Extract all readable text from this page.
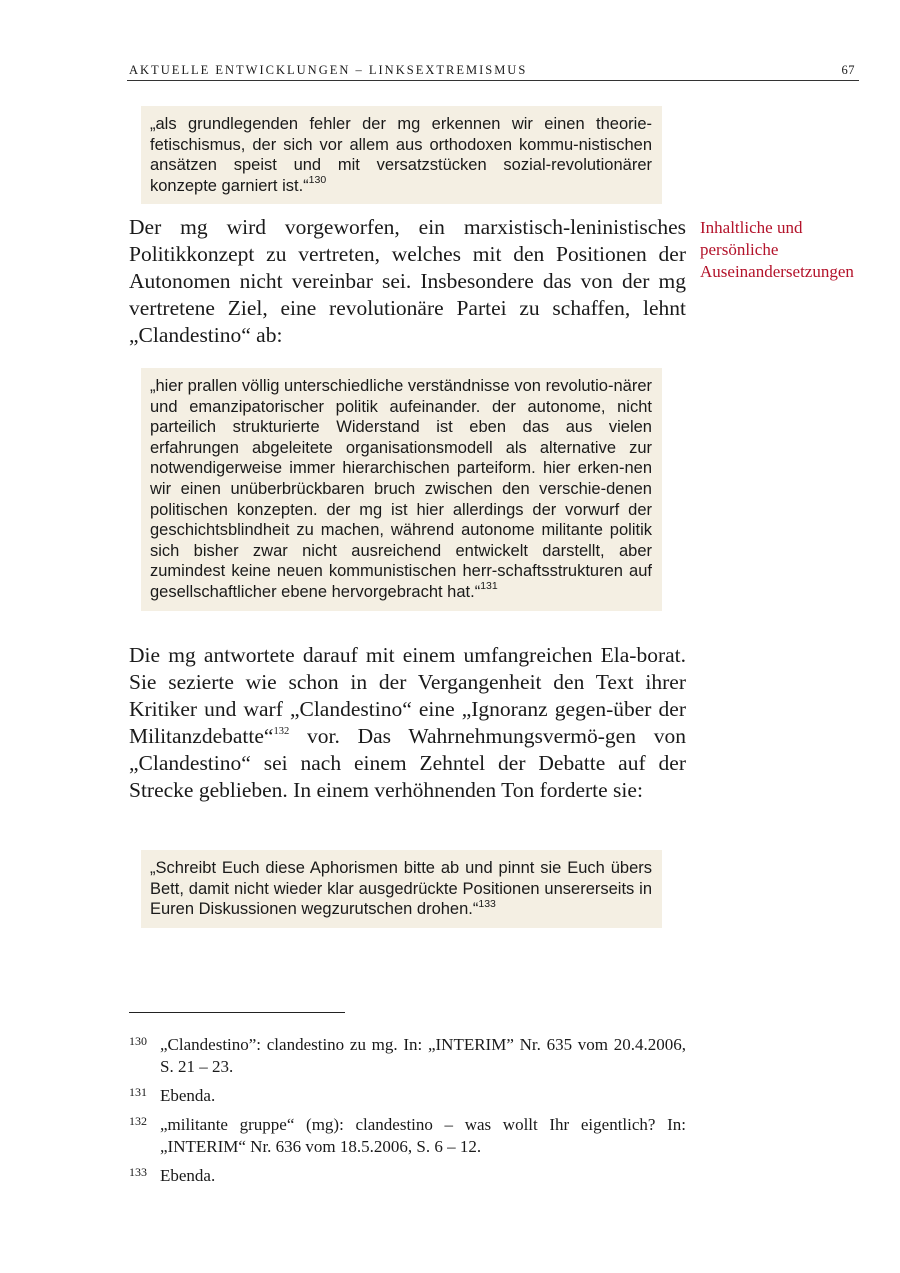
AKTUELLE ENTWICKLUNGEN – LINKSEXTREMISMUS	67
„als grundlegenden fehler der mg erkennen wir einen theorie-fetischismus, der sich vor allem aus orthodoxen kommu-nistischen ansätzen speist und mit versatzstücken sozial-revolutionärer konzepte garniert ist.“$^{130}$
Der mg wird vorgeworfen, ein marxistisch-leninistisches Politikkonzept zu vertreten, welches mit den Positionen der Autonomen nicht vereinbar sei. Insbesondere das von der mg vertretene Ziel, eine revolutionäre Partei zu schaffen, lehnt „Clandestino“ ab:
Inhaltliche und persönliche Auseinandersetzungen
„hier prallen völlig unterschiedliche verständnisse von revolutio-närer und emanzipatorischer politik aufeinander. der autonome, nicht parteilich strukturierte Widerstand ist eben das aus vielen erfahrungen abgeleitete organisationsmodell als alternative zur notwendigerweise immer hierarchischen parteiform. hier erken-nen wir einen unüberbrückbaren bruch zwischen den verschie-denen politischen konzepten. der mg ist hier allerdings der vorwurf der geschichtsblindheit zu machen, während autonome militante politik sich bisher zwar nicht ausreichend entwickelt darstellt, aber zumindest keine neuen kommunistischen herr-schaftsstrukturen auf gesellschaftlicher ebene hervorgebracht hat.“$^{131}$
Die mg antwortete darauf mit einem umfangreichen Ela-borat. Sie sezierte wie schon in der Vergangenheit den Text ihrer Kritiker und warf „Clandestino“ eine „Ignoranz gegen-über der Militanzdebatte“$^{132}$ vor. Das Wahrnehmungsvermö-gen von „Clandestino“ sei nach einem Zehntel der Debatte auf der Strecke geblieben. In einem verhöhnenden Ton forderte sie:
„Schreibt Euch diese Aphorismen bitte ab und pinnt sie Euch übers Bett, damit nicht wieder klar ausgedrückte Positionen unsererseits in Euren Diskussionen wegzurutschen drohen.“$^{133}$
130 „Clandestino”: clandestino zu mg. In: „INTERIM” Nr. 635 vom 20.4.2006, S. 21 – 23.
131 Ebenda.
132 „militante gruppe“ (mg): clandestino – was wollt Ihr eigentlich? In: „INTERIM“ Nr. 636 vom 18.5.2006, S. 6 – 12.
133 Ebenda.
